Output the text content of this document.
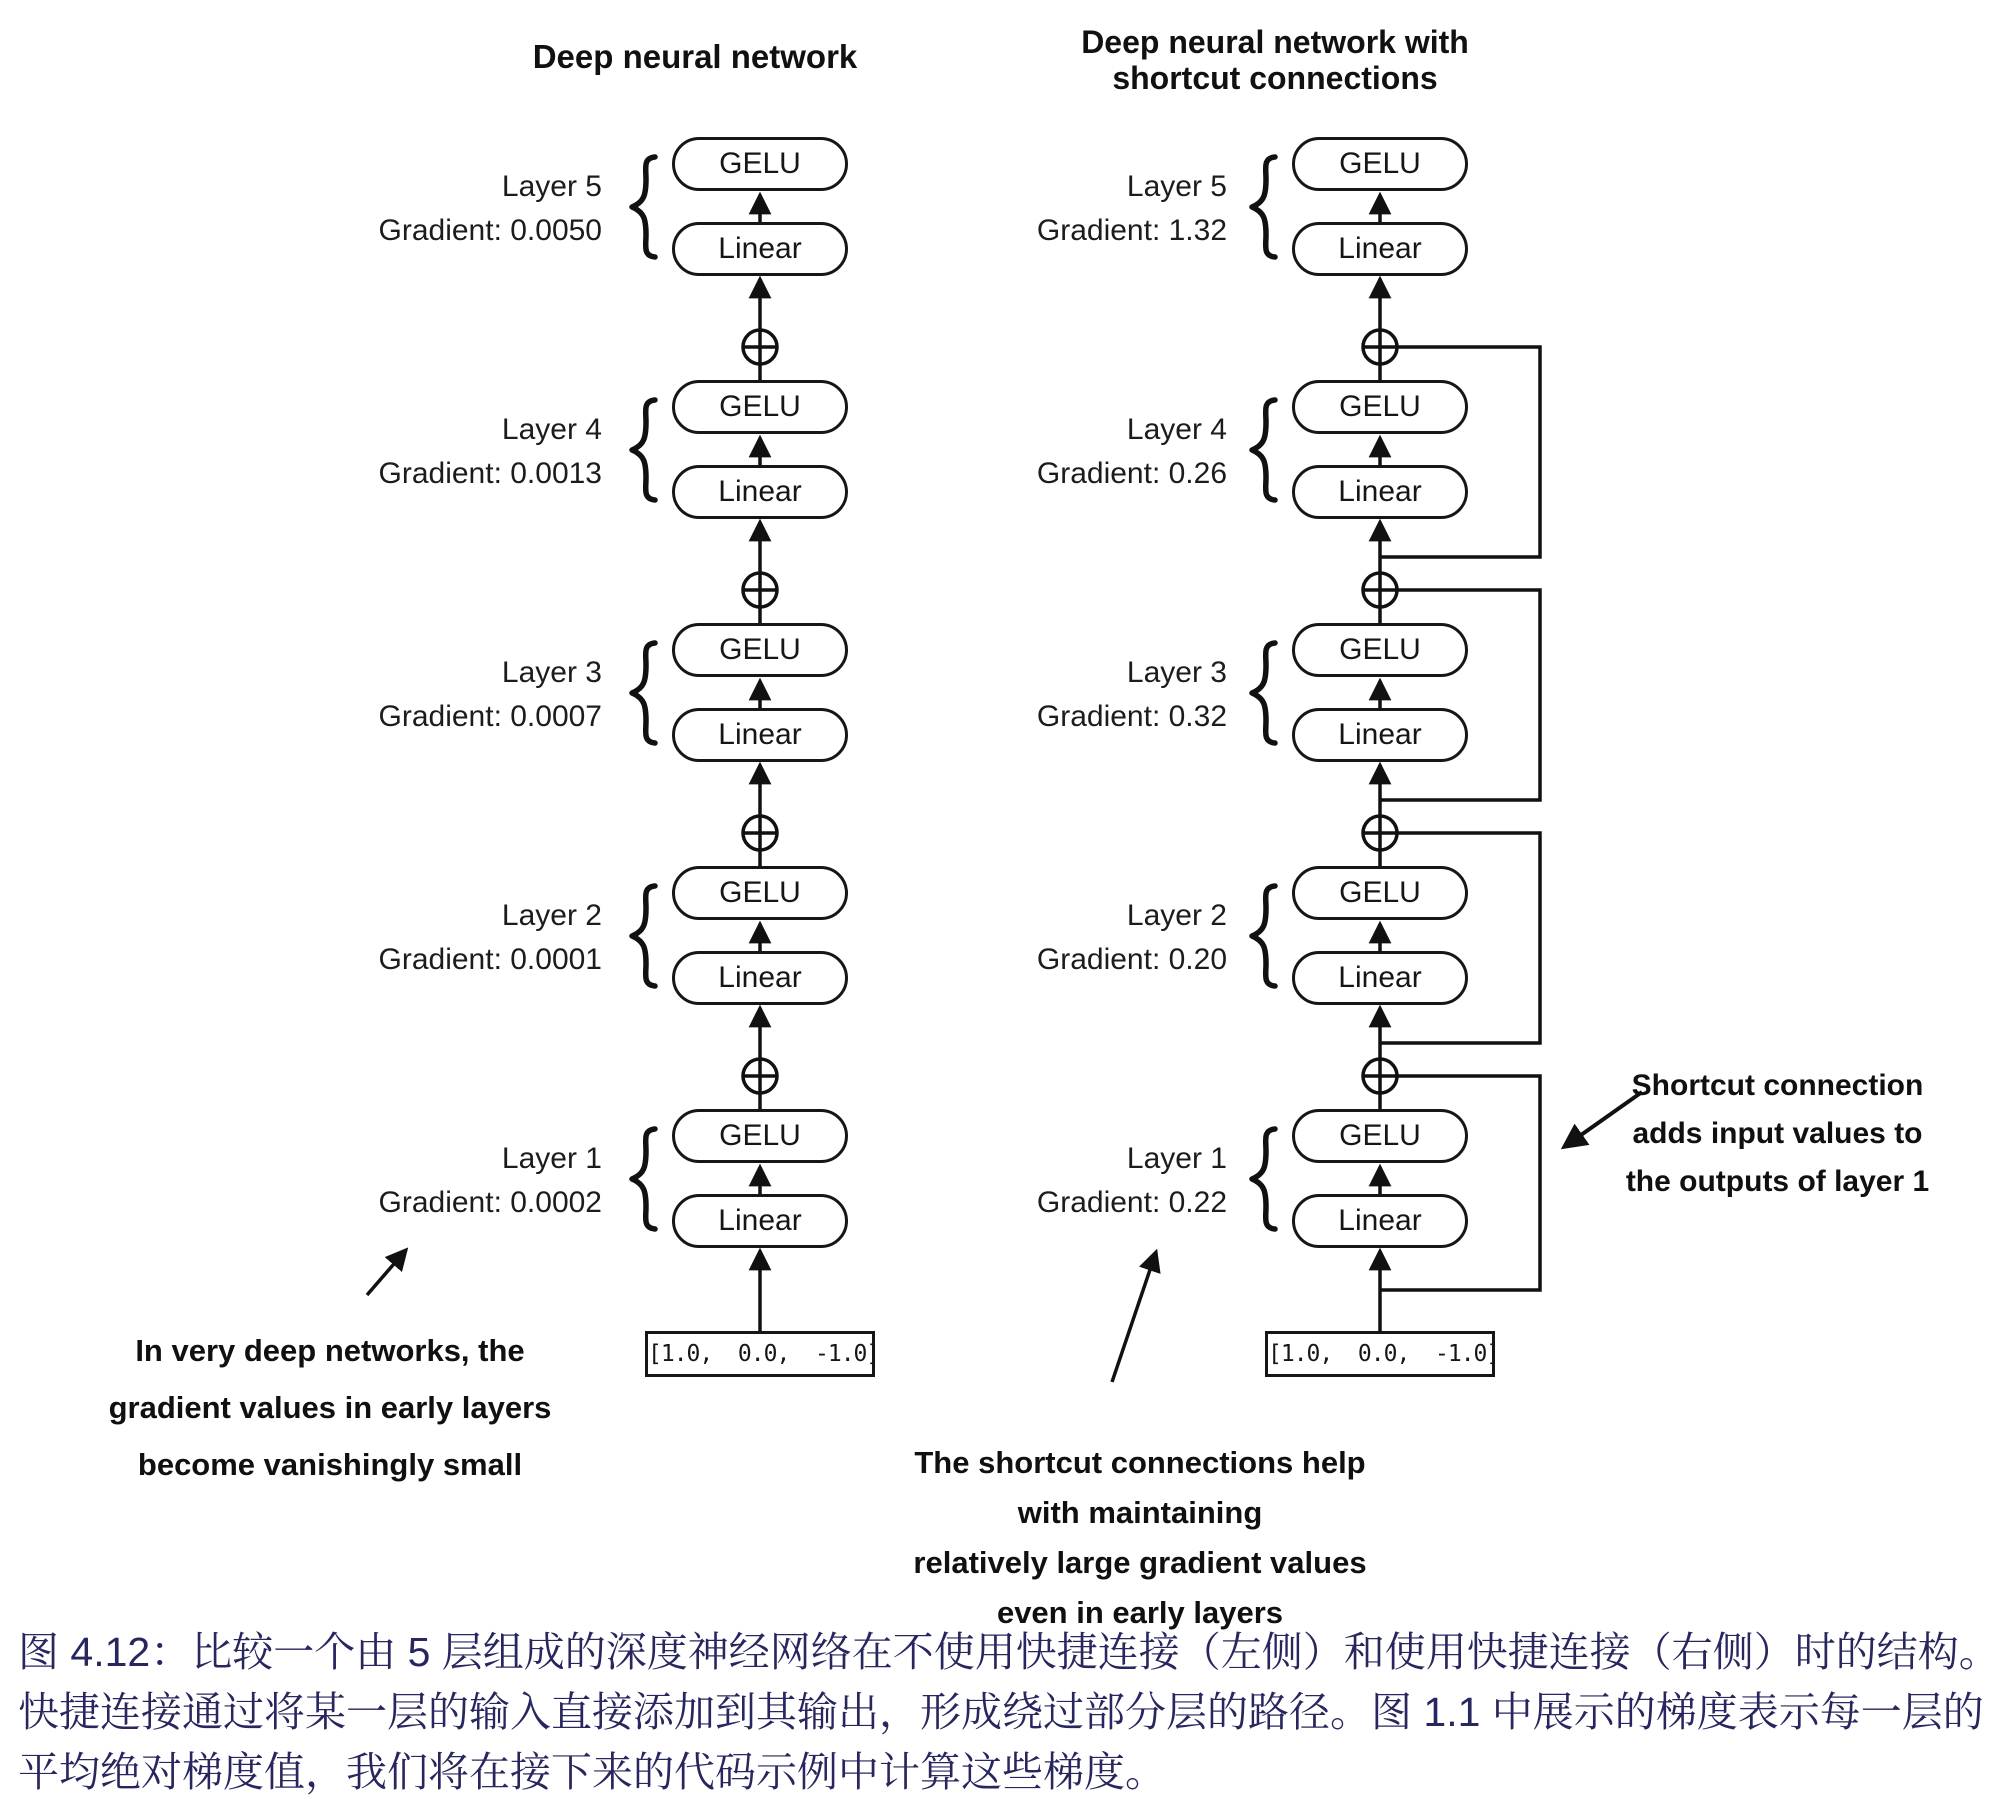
Deep neural network	Deep neural network with
shortcut connections
Layer 5
Gradient: 0.0050
GELU
Linear
Layer 4
Gradient: 0.0013
GELU
Linear
Layer 3
Gradient: 0.0007
GELU
Linear
Layer 2
Gradient: 0.0001
GELU
Linear
Layer 1
Gradient: 0.0002
GELU
Linear
[1.0,  0.0,  -1.0]
Layer 5
Gradient: 1.32
GELU
Linear
Layer 4
Gradient: 0.26
GELU
Linear
Layer 3
Gradient: 0.32
GELU
Linear
Layer 2
Gradient: 0.20
GELU
Linear
Layer 1
Gradient: 0.22
GELU
Linear
[1.0,  0.0,  -1.0]
In very deep networks, the
gradient values in early layers
become vanishingly small	The shortcut connections help with maintaining
relatively large gradient values even in early layers
Shortcut connection
adds input values to
the outputs of layer 1
图 4.12：比较一个由 5 层组成的深度神经网络在不使用快捷连接（左侧）和使用快捷连接（右侧）时的结构。
快捷连接通过将某一层的输入直接添加到其输出，形成绕过部分层的路径。图 1.1 中展示的梯度表示每一层的
平均绝对梯度值，我们将在接下来的代码示例中计算这些梯度。
